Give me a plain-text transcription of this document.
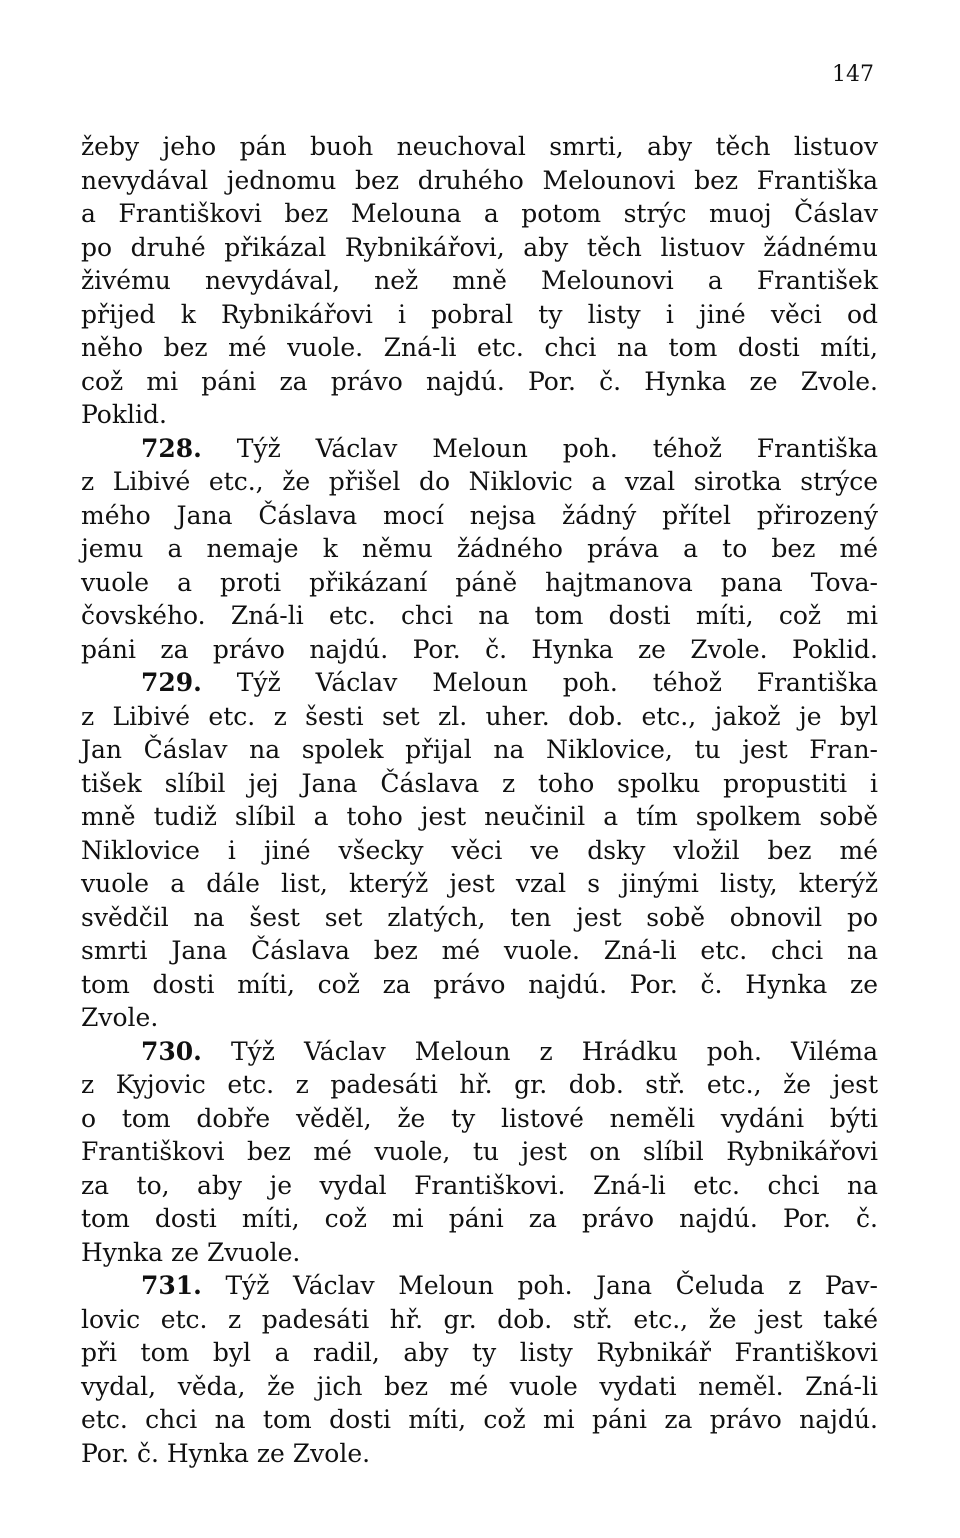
147
žeby jeho pán buoh neuchoval smrti, aby těch listuov
nevydával jednomu bez druhého Melounovi bez Františka
a Františkovi bez Melouna a potom strýc muoj Čáslav
po druhé přikázal Rybnikářovi, aby těch listuov žádnému
živému nevydával, než mně Melounovi a František
přijed k Rybnikářovi i pobral ty listy i jiné věci od
něho bez mé vuole. Zná-li etc. chci na tom dosti míti,
což mi páni za právo najdú. Por. č. Hynka ze Zvole.
Poklid.
728. Týž Václav Meloun poh. téhož Františka
z Libivé etc., že přišel do Niklovic a vzal sirotka strýce
mého Jana Čáslava mocí nejsa žádný přítel přirozený
jemu a nemaje k němu žádného práva a to bez mé
vuole a proti přikázaní páně hajtmanova pana Tova-
čovského. Zná-li etc. chci na tom dosti míti, což mi
páni za právo najdú. Por. č. Hynka ze Zvole. Poklid.
729. Týž Václav Meloun poh. téhož Františka
z Libivé etc. z šesti set zl. uher. dob. etc., jakož je byl
Jan Čáslav na spolek přijal na Niklovice, tu jest Fran-
tišek slíbil jej Jana Čáslava z toho spolku propustiti i
mně tudiž slíbil a toho jest neučinil a tím spolkem sobě
Niklovice i jiné všecky věci ve dsky vložil bez mé
vuole a dále list, kterýž jest vzal s jinými listy, kterýž
svědčil na šest set zlatých, ten jest sobě obnovil po
smrti Jana Čáslava bez mé vuole. Zná-li etc. chci na
tom dosti míti, což za právo najdú. Por. č. Hynka ze
Zvole.
730. Týž Václav Meloun z Hrádku poh. Viléma
z Kyjovic etc. z padesáti hř. gr. dob. stř. etc., že jest
o tom dobře věděl, že ty listové neměli vydáni býti
Františkovi bez mé vuole, tu jest on slíbil Rybnikářovi
za to, aby je vydal Františkovi. Zná-li etc. chci na
tom dosti míti, což mi páni za právo najdú. Por. č.
Hynka ze Zvuole.
731. Týž Václav Meloun poh. Jana Čeluda z Pav-
lovic etc. z padesáti hř. gr. dob. stř. etc., že jest také
při tom byl a radil, aby ty listy Rybnikář Františkovi
vydal, věda, že jich bez mé vuole vydati neměl. Zná-li
etc. chci na tom dosti míti, což mi páni za právo najdú.
Por. č. Hynka ze Zvole.
